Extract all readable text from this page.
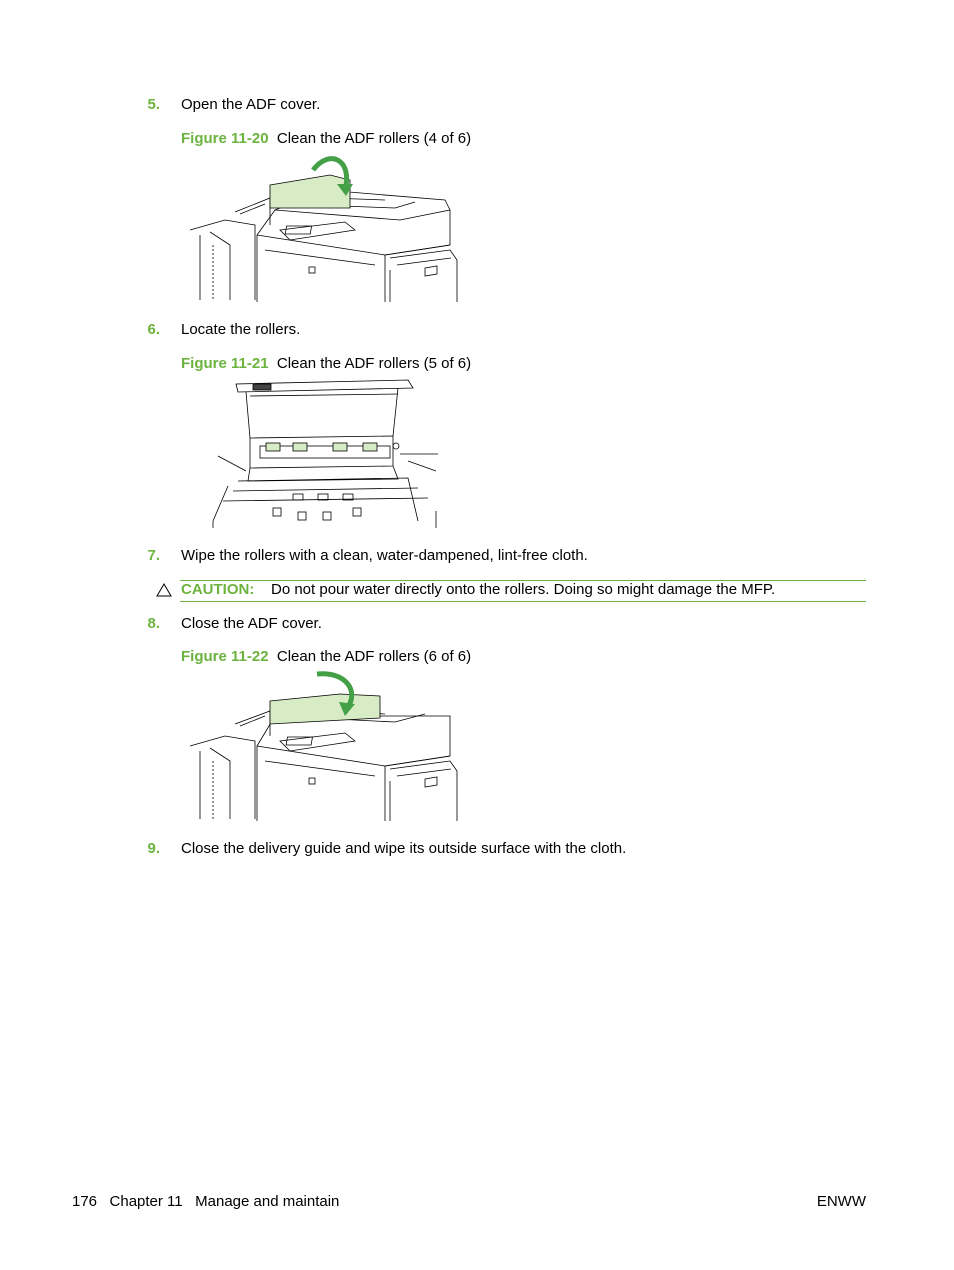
5. Open the ADF cover.
Figure 11-20 Clean the ADF rollers (4 of 6)
6. Locate the rollers.
Figure 11-21 Clean the ADF rollers (5 of 6)
7. Wipe the rollers with a clean, water-dampened, lint-free cloth.
CAUTION: Do not pour water directly onto the rollers. Doing so might damage the MFP.
8. Close the ADF cover.
Figure 11-22 Clean the ADF rollers (6 of 6)
9. Close the delivery guide and wipe its outside surface with the cloth.
176   Chapter 11   Manage and maintain	ENWW
